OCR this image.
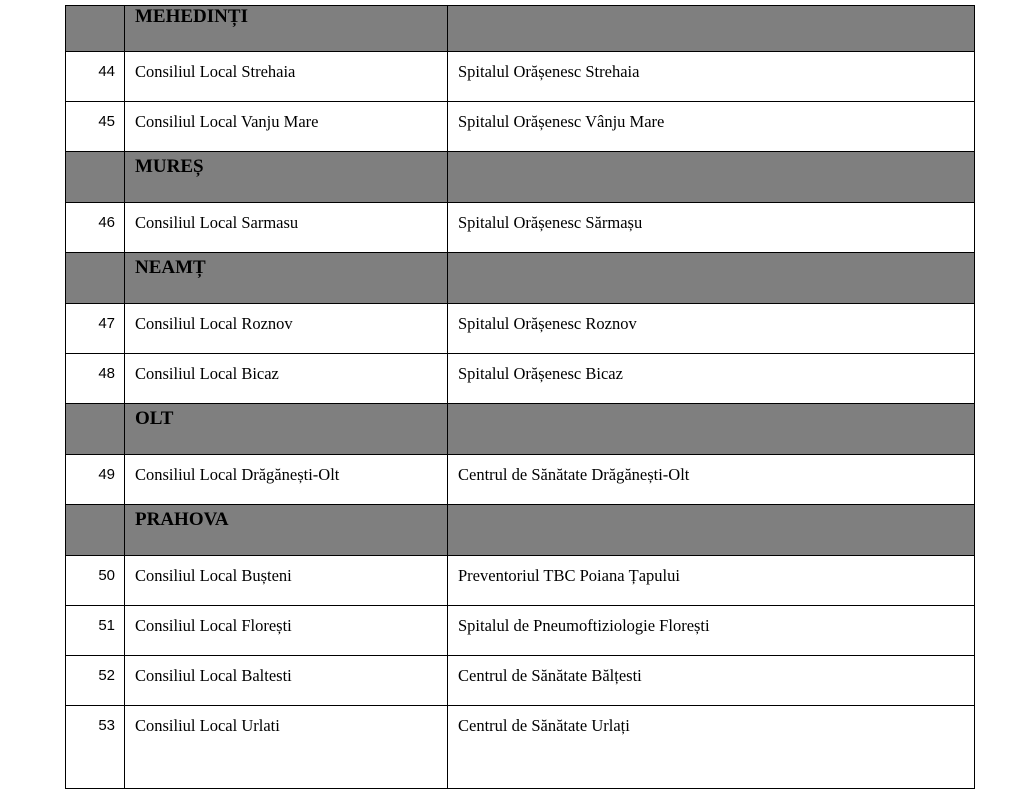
	MEHEDINȚI	
44	Consiliul Local Strehaia	Spitalul Orășenesc Strehaia
45	Consiliul Local Vanju Mare	Spitalul Orășenesc Vânju Mare
	MUREȘ	
46	Consiliul Local Sarmasu	Spitalul Orășenesc Sărmașu
	NEAMȚ	
47	Consiliul Local Roznov	Spitalul Orășenesc Roznov
48	Consiliul Local Bicaz	Spitalul Orășenesc Bicaz
	OLT	
49	Consiliul Local Drăgănești-Olt	Centrul de Sănătate Drăgănești-Olt
	PRAHOVA	
50	Consiliul Local Bușteni	Preventoriul TBC Poiana Țapului
51	Consiliul Local Florești	Spitalul de Pneumoftiziologie Florești
52	Consiliul Local Baltesti	Centrul de Sănătate Bălțesti
53	Consiliul Local Urlati	Centrul de Sănătate Urlați
